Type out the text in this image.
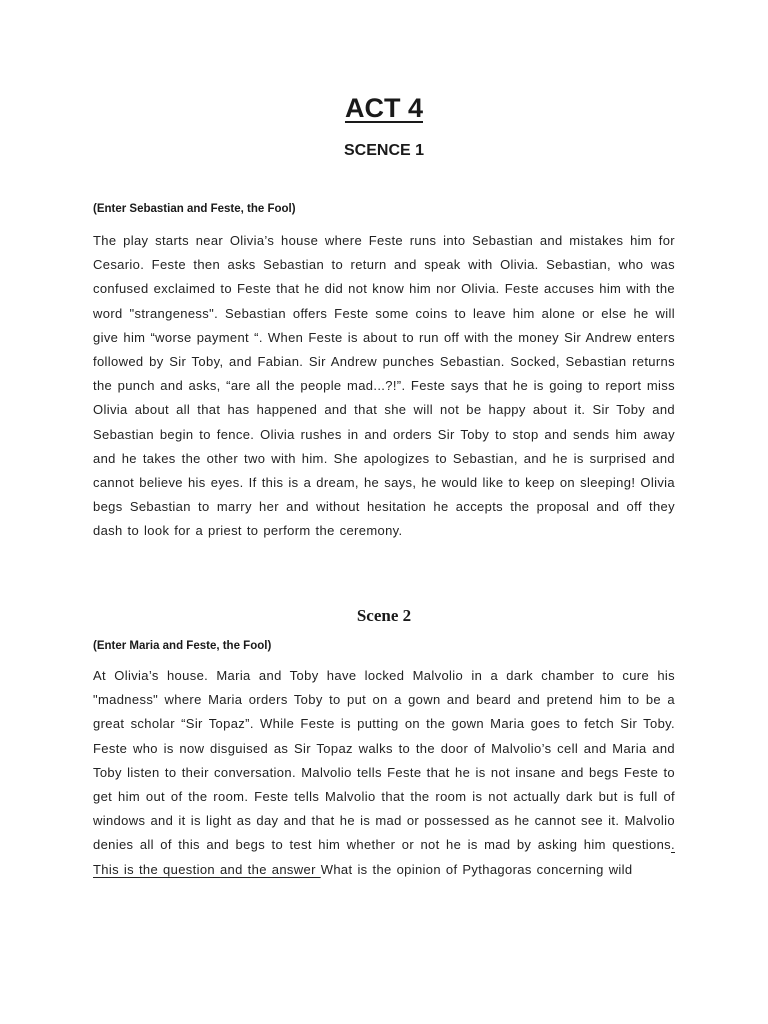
ACT 4
SCENCE 1
(Enter Sebastian and Feste, the Fool)
The play starts near Olivia’s house where Feste runs into Sebastian and mistakes him for Cesario. Feste then asks Sebastian to return and speak with Olivia. Sebastian, who was confused exclaimed to Feste that he did not know him nor Olivia. Feste accuses him with the word "strangeness". Sebastian offers Feste some coins to leave him alone or else he will give him “worse payment “. When Feste is about to run off with the money Sir Andrew enters followed by Sir Toby, and Fabian. Sir Andrew punches Sebastian. Socked, Sebastian returns the punch and asks, “are all the people mad...?!”. Feste says that he is going to report miss Olivia about all that has happened and that she will not be happy about it. Sir Toby and Sebastian begin to fence. Olivia rushes in and orders Sir Toby to stop and sends him away and he takes the other two with him. She apologizes to Sebastian, and he is surprised and cannot believe his eyes. If this is a dream, he says, he would like to keep on sleeping! Olivia begs Sebastian to marry her and without hesitation he accepts the proposal and off they dash to look for a priest to perform the ceremony.
Scene 2
(Enter Maria and Feste, the Fool)
At Olivia’s house. Maria and Toby have locked Malvolio in a dark chamber to cure his "madness" where Maria orders Toby to put on a gown and beard and pretend him to be a great scholar “Sir Topaz”. While Feste is putting on the gown Maria goes to fetch Sir Toby. Feste who is now disguised as Sir Topaz walks to the door of Malvolio’s cell and Maria and Toby listen to their conversation. Malvolio tells Feste that he is not insane and begs Feste to get him out of the room. Feste tells Malvolio that the room is not actually dark but is full of windows and it is light as day and that he is mad or possessed as he cannot see it. Malvolio denies all of this and begs to test him whether or not he is mad by asking him questions. This is the question and the answer What is the opinion of Pythagoras concerning wild
